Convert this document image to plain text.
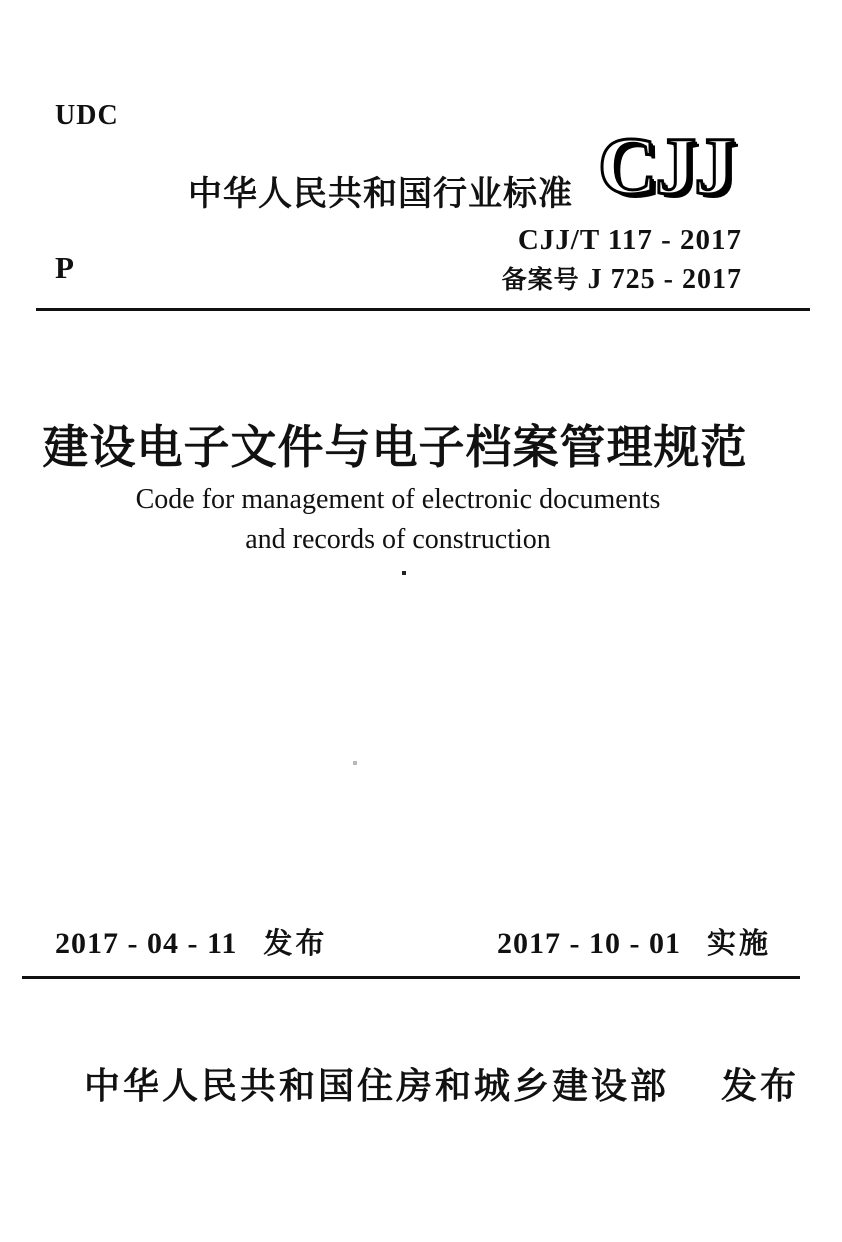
UDC
中华人民共和国行业标准 CJJ
CJJ/T 117 - 2017
备案号 J 725 - 2017
P
建设电子文件与电子档案管理规范
Code for management of electronic documents
and records of construction
2017 - 04 - 11 发布	2017 - 10 - 01 实施
中华人民共和国住房和城乡建设部 发布
